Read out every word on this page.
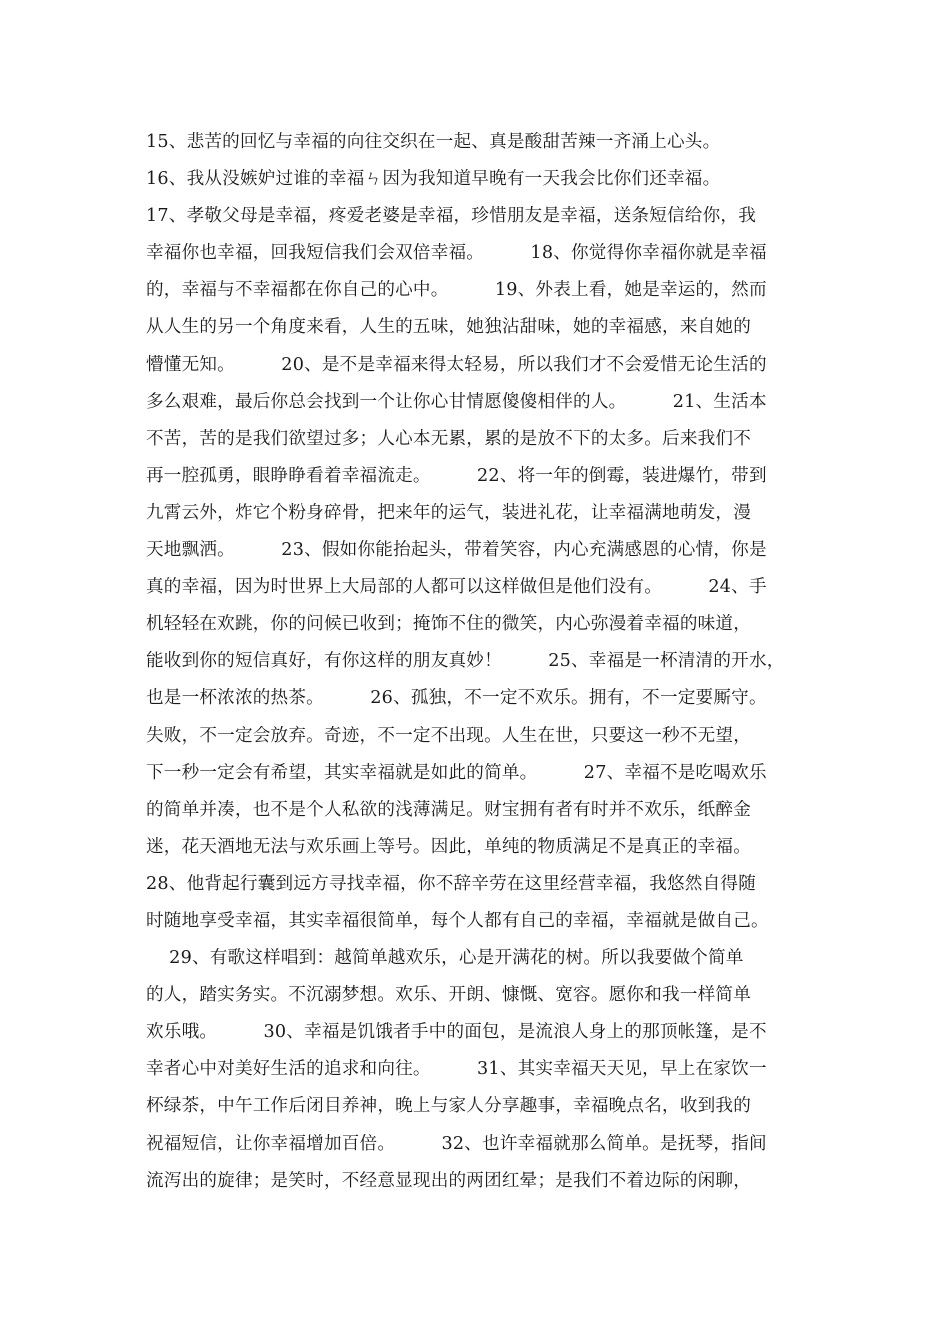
15、悲苦的回忆与幸福的向往交织在一起、真是酸甜苦辣一齐涌上心头。
16、我从没嫉妒过谁的幸福ㄣ因为我知道早晚有一天我会比你们还幸福。
17、孝敬父母是幸福，疼爱老婆是幸福，珍惜朋友是幸福，送条短信给你，我
幸福你也幸福，回我短信我们会双倍幸福。        18、你觉得你幸福你就是幸福
的，幸福与不幸福都在你自己的心中。        19、外表上看，她是幸运的，然而
从人生的另一个角度来看，人生的五味，她独沾甜味，她的幸福感，来自她的
懵懂无知。        20、是不是幸福来得太轻易，所以我们才不会爱惜无论生活的
多么艰难，最后你总会找到一个让你心甘情愿傻傻相伴的人。        21、生活本
不苦，苦的是我们欲望过多；人心本无累，累的是放不下的太多。后来我们不
再一腔孤勇，眼睁睁看着幸福流走。        22、将一年的倒霉，装进爆竹，带到
九霄云外，炸它个粉身碎骨，把来年的运气，装进礼花，让幸福满地萌发，漫
天地飘洒。        23、假如你能抬起头，带着笑容，内心充满感恩的心情，你是
真的幸福，因为时世界上大局部的人都可以这样做但是他们没有。        24、手
机轻轻在欢跳，你的问候已收到；掩饰不住的微笑，内心弥漫着幸福的味道，
能收到你的短信真好，有你这样的朋友真妙！        25、幸福是一杯清清的开水，
也是一杯浓浓的热茶。        26、孤独，不一定不欢乐。拥有，不一定要厮守。
失败，不一定会放弃。奇迹，不一定不出现。人生在世，只要这一秒不无望，
下一秒一定会有希望，其实幸福就是如此的简单。        27、幸福不是吃喝欢乐
的简单并凑，也不是个人私欲的浅薄满足。财宝拥有者有时并不欢乐，纸醉金
迷，花天酒地无法与欢乐画上等号。因此，单纯的物质满足不是真正的幸福。
28、他背起行囊到远方寻找幸福，你不辞辛劳在这里经营幸福，我悠然自得随
时随地享受幸福，其实幸福很简单，每个人都有自己的幸福，幸福就是做自己。
29、有歌这样唱到：越简单越欢乐，心是开满花的树。所以我要做个简单
的人，踏实务实。不沉溺梦想。欢乐、开朗、慷慨、宽容。愿你和我一样简单
欢乐哦。        30、幸福是饥饿者手中的面包，是流浪人身上的那顶帐篷，是不
幸者心中对美好生活的追求和向往。        31、其实幸福天天见，早上在家饮一
杯绿茶，中午工作后闭目养神，晚上与家人分享趣事，幸福晚点名，收到我的
祝福短信，让你幸福增加百倍。        32、也许幸福就那么简单。是抚琴，指间
流泻出的旋律；是笑时，不经意显现出的两团红晕；是我们不着边际的闲聊，
